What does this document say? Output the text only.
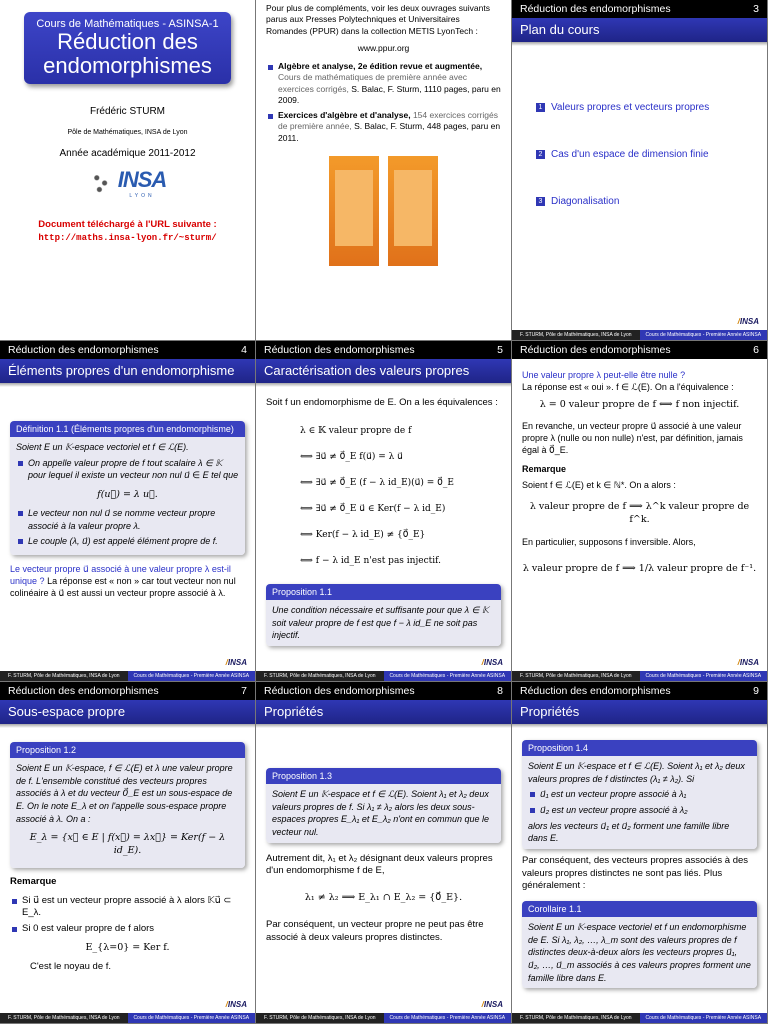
Cours de Mathématiques - ASINSA-1
Réduction des
endomorphismes
Frédéric STURM
Pôle de Mathématiques, INSA de Lyon
Année académique 2011-2012
INSA
LYON
Document téléchargé à l'URL suivante :
http://maths.insa-lyon.fr/~sturm/
Pour plus de compléments, voir les deux ouvrages suivants parus aux Presses Polytechniques et Universitaires Romandes (PPUR) dans la collection METIS LyonTech :
www.ppur.org
Algèbre et analyse, 2e édition revue et augmentée, Cours de mathématiques de première année avec exercices corrigés, S. Balac, F. Sturm, 1110 pages, paru en 2009.
Exercices d'algèbre et d'analyse, 154 exercices corrigés de première année, S. Balac, F. Sturm, 448 pages, paru en 2011.

Réduction des endomorphismes	3
Plan du cours
1 Valeurs propres et vecteurs propres
2 Cas d'un espace de dimension finie
3 Diagonalisation
/INSA
F. STURM, Pôle de Mathématiques, INSA de Lyon	Cours de Mathématiques - Première Année ASINSA
Réduction des endomorphismes	4
Éléments propres d'un endomorphisme
Définition 1.1 (Éléments propres d'un endomorphisme)
Soient E un 𝕂-espace vectoriel et f ∈ ℒ(E).
On appelle valeur propre de f tout scalaire λ ∈ 𝕂 pour lequel il existe un vecteur non nul u⃗ ∈ E tel que
f(u⃗) = λ u⃗.
Le vecteur non nul u⃗ se nomme vecteur propre associé à la valeur propre λ.
Le couple (λ, u⃗) est appelé élément propre de f.
Le vecteur propre u⃗ associé à une valeur propre λ est-il unique ? La réponse est « non » car tout vecteur non nul colinéaire à u⃗ est aussi un vecteur propre associé à λ.
/INSA
F. STURM, Pôle de Mathématiques, INSA de Lyon	Cours de Mathématiques - Première Année ASINSA
Réduction des endomorphismes	5
Caractérisation des valeurs propres
Soit f un endomorphisme de E. On a les équivalences :
λ ∈ 𝕂 valeur propre de f
⟺ ∃u⃗ ≠ 0⃗_E f(u⃗) = λ u⃗
⟺ ∃u⃗ ≠ 0⃗_E (f − λ id_E)(u⃗) = 0⃗_E
⟺ ∃u⃗ ≠ 0⃗_E u⃗ ∈ Ker(f − λ id_E)
⟺ Ker(f − λ id_E) ≠ {0⃗_E}
⟺ f − λ id_E n'est pas injectif.
Proposition 1.1
Une condition nécessaire et suffisante pour que λ ∈ 𝕂 soit valeur propre de f est que f − λ id_E ne soit pas injectif.
/INSA
F. STURM, Pôle de Mathématiques, INSA de Lyon	Cours de Mathématiques - Première Année ASINSA
Réduction des endomorphismes	6
Une valeur propre λ peut-elle être nulle ?
La réponse est « oui ». f ∈ ℒ(E). On a l'équivalence :
λ = 0 valeur propre de f ⟺ f non injectif.
En revanche, un vecteur propre u⃗ associé à une valeur propre λ (nulle ou non nulle) n'est, par définition, jamais égal à 0⃗_E.
Remarque
Soient f ∈ ℒ(E) et k ∈ ℕ*. On a alors :
λ valeur propre de f ⟹ λ^k valeur propre de f^k.
En particulier, supposons f inversible. Alors,
λ valeur propre de f ⟹ 1/λ valeur propre de f⁻¹.
/INSA
F. STURM, Pôle de Mathématiques, INSA de Lyon	Cours de Mathématiques - Première Année ASINSA
Réduction des endomorphismes	7
Sous-espace propre
Proposition 1.2
Soient E un 𝕂-espace, f ∈ ℒ(E) et λ une valeur propre de f. L'ensemble constitué des vecteurs propres associés à λ et du vecteur 0⃗_E est un sous-espace de E. On le note E_λ et on l'appelle sous-espace propre associé à λ. On a :
E_λ = {x⃗ ∈ E | f(x⃗) = λx⃗} = Ker(f − λ id_E).
Remarque
Si u⃗ est un vecteur propre associé à λ alors 𝕂u⃗ ⊂ E_λ.
Si 0 est valeur propre de f alors
E_{λ=0} = Ker f.
C'est le noyau de f.
/INSA
F. STURM, Pôle de Mathématiques, INSA de Lyon	Cours de Mathématiques - Première Année ASINSA
Réduction des endomorphismes	8
Propriétés
Proposition 1.3
Soient E un 𝕂-espace et f ∈ ℒ(E). Soient λ₁ et λ₂ deux valeurs propres de f. Si λ₁ ≠ λ₂ alors les deux sous-espaces propres E_λ₁ et E_λ₂ n'ont en commun que le vecteur nul.
Autrement dit, λ₁ et λ₂ désignant deux valeurs propres d'un endomorphisme f de E,
λ₁ ≠ λ₂ ⟹ E_λ₁ ∩ E_λ₂ = {0⃗_E}.
Par conséquent, un vecteur propre ne peut pas être associé à deux valeurs propres distinctes.
/INSA
F. STURM, Pôle de Mathématiques, INSA de Lyon	Cours de Mathématiques - Première Année ASINSA
Réduction des endomorphismes	9
Propriétés
Proposition 1.4
Soient E un 𝕂-espace et f ∈ ℒ(E). Soient λ₁ et λ₂ deux valeurs propres de f distinctes (λ₁ ≠ λ₂). Si
u⃗₁ est un vecteur propre associé à λ₁
u⃗₂ est un vecteur propre associé à λ₂
alors les vecteurs u⃗₁ et u⃗₂ forment une famille libre dans E.
Par conséquent, des vecteurs propres associés à des valeurs propres distinctes ne sont pas liés. Plus généralement :
Corollaire 1.1
Soient E un 𝕂-espace vectoriel et f un endomorphisme de E. Si λ₁, λ₂, …, λ_m sont des valeurs propres de f distinctes deux-à-deux alors les vecteurs propres u⃗₁, u⃗₂, …, u⃗_m associés à ces valeurs propres forment une famille libre dans E.
F. STURM, Pôle de Mathématiques, INSA de Lyon	Cours de Mathématiques - Première Année ASINSA
